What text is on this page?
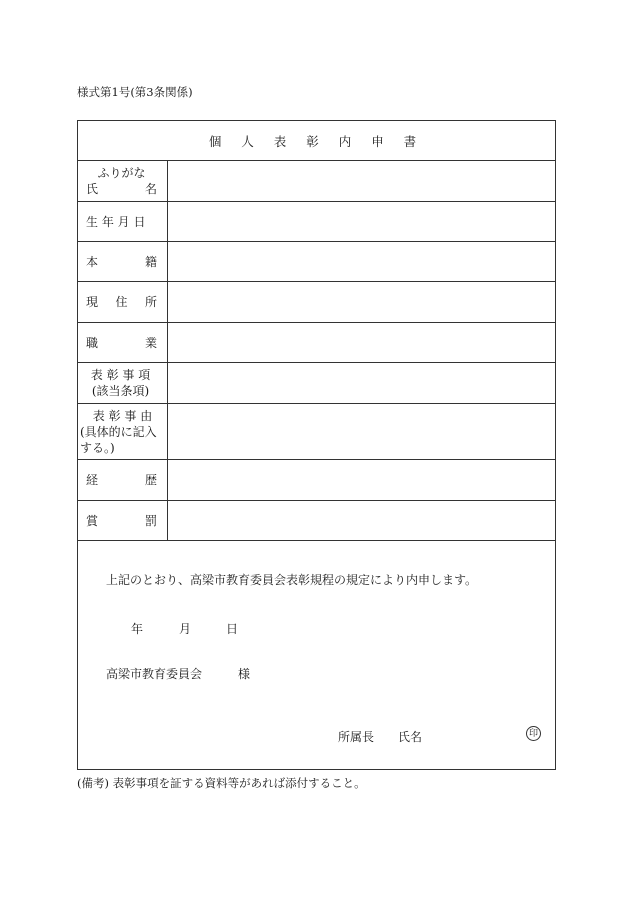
様式第1号(第3条関係)
個 人 表 彰 内 申 書
ふりがな
氏	名
生 年 月 日
本	籍
現 住 所
職	業
表 彰 事 項
(該当条項)
表 彰 事 由
(具体的に記入
する。)
経	歴
賞	罰
上記のとおり、高梁市教育委員会表彰規程の規定により内申します。
年	月	日
高梁市教育委員会	様
所属長 氏名	印
(備考) 表彰事項を証する資料等があれば添付すること。
